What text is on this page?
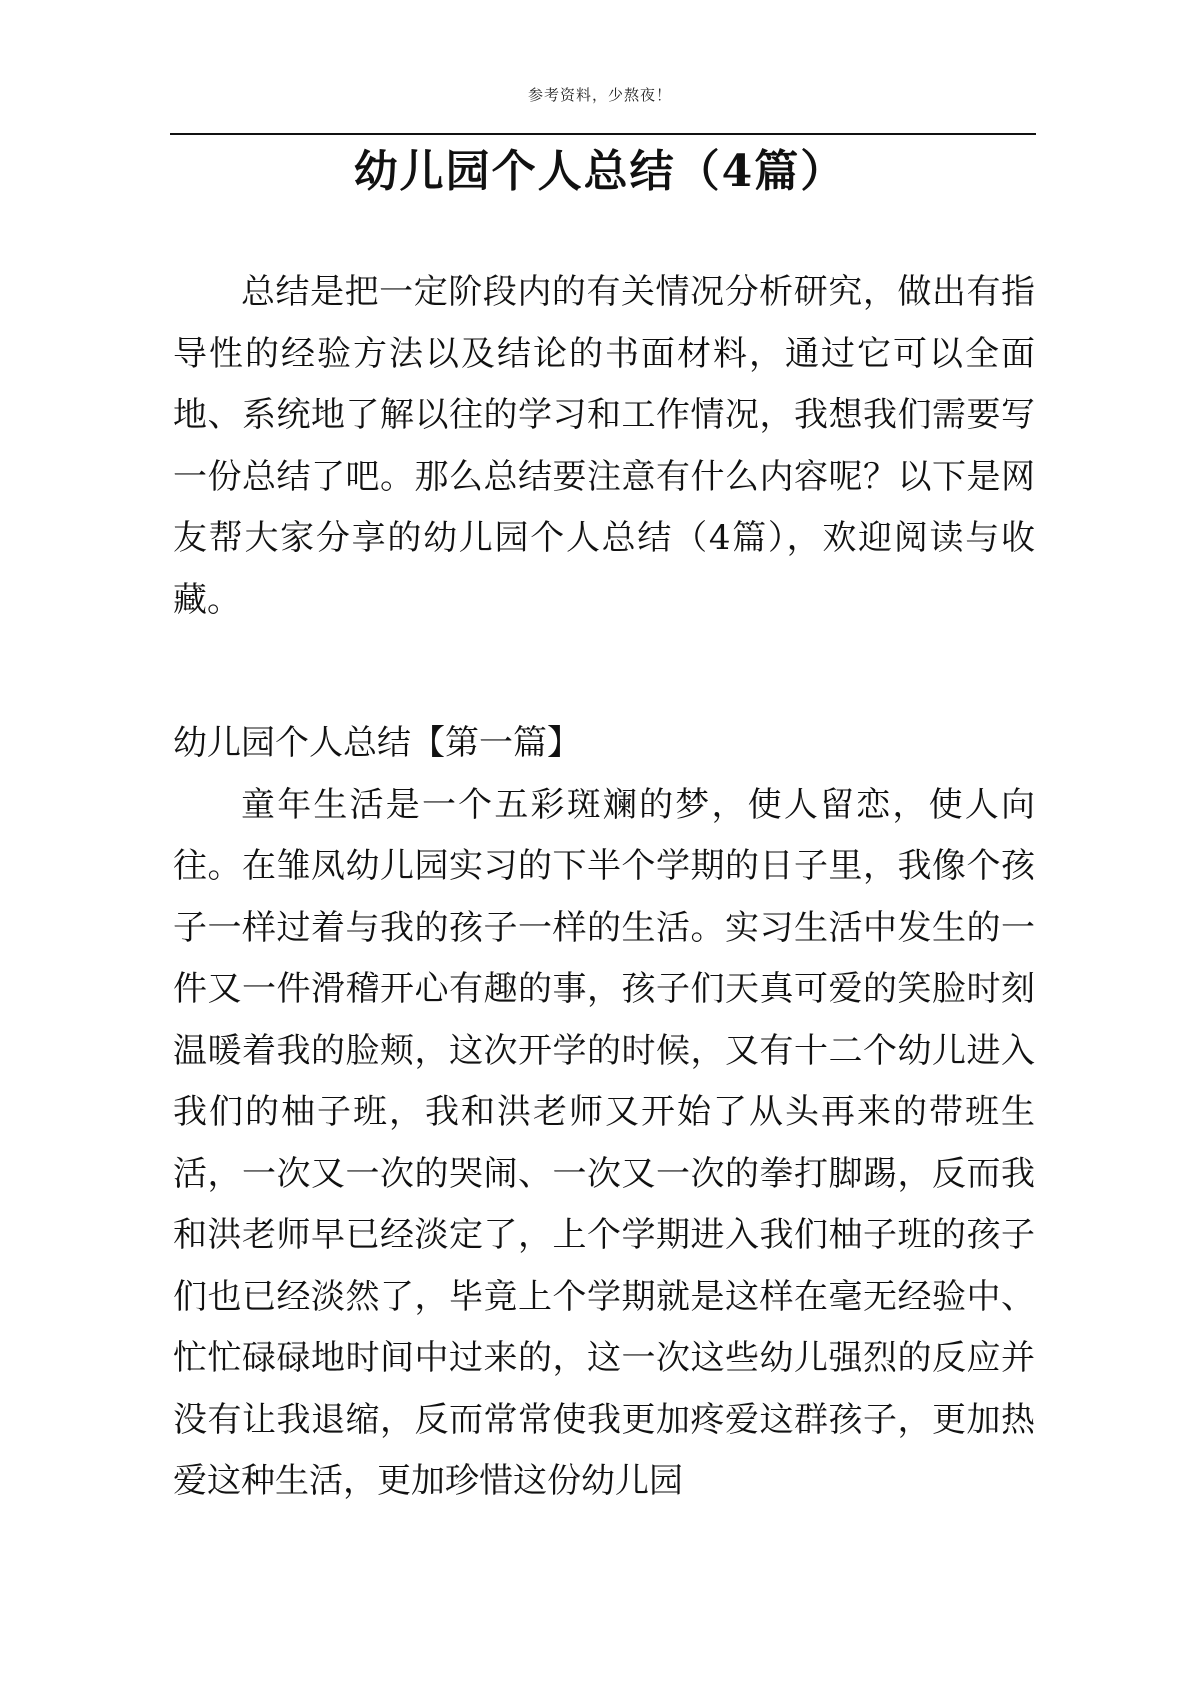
参考资料，少熬夜！
幼儿园个人总结（4篇）

总结是把一定阶段内的有关情况分析研究，做出有指导性的经验方法以及结论的书面材料，通过它可以全面地、系统地了解以往的学习和工作情况，我想我们需要写一份总结了吧。那么总结要注意有什么内容呢？以下是网友帮大家分享的幼儿园个人总结（4篇），欢迎阅读与收藏。

幼儿园个人总结【第一篇】

童年生活是一个五彩斑斓的梦，使人留恋，使人向往。在雏凤幼儿园实习的下半个学期的日子里，我像个孩子一样过着与我的孩子一样的生活。实习生活中发生的一件又一件滑稽开心有趣的事，孩子们天真可爱的笑脸时刻温暖着我的脸颊，这次开学的时候，又有十二个幼儿进入我们的柚子班，我和洪老师又开始了从头再来的带班生活，一次又一次的哭闹、一次又一次的拳打脚踢，反而我和洪老师早已经淡定了，上个学期进入我们柚子班的孩子们也已经淡然了，毕竟上个学期就是这样在毫无经验中、忙忙碌碌地时间中过来的，这一次这些幼儿强烈的反应并没有让我退缩，反而常常使我更加疼爱这群孩子，更加热爱这种生活，更加珍惜这份幼儿园
